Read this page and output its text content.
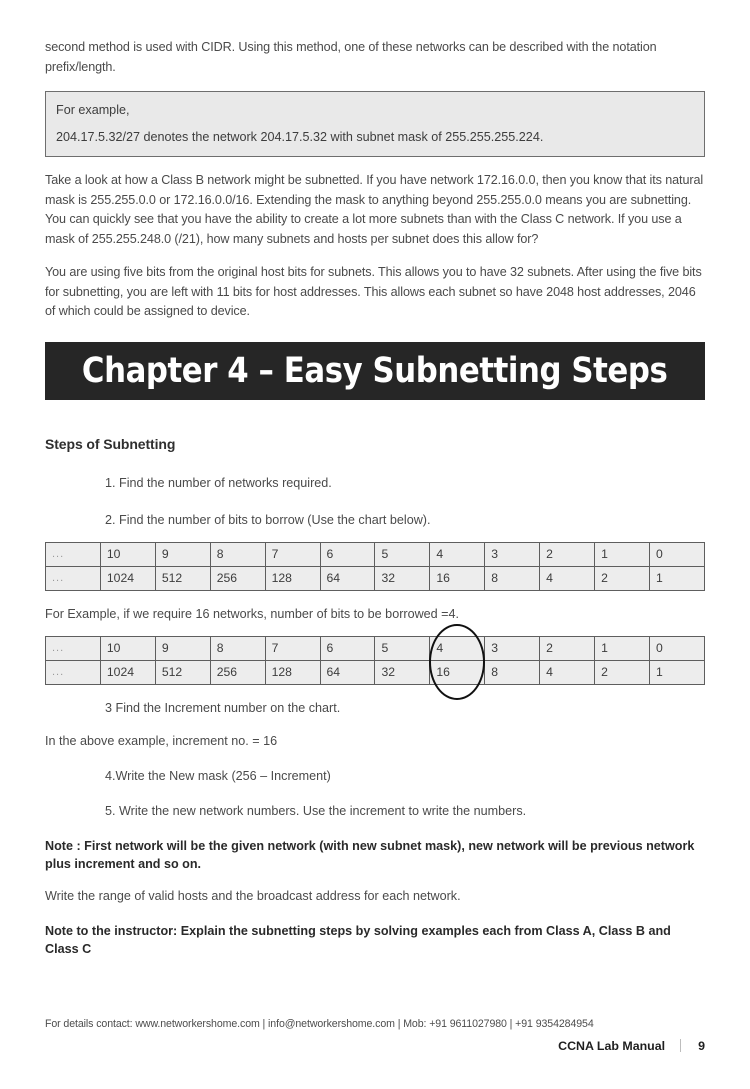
second method is used with CIDR. Using this method, one of these networks can be described with the notation prefix/length.

For example,
204.17.5.32/27 denotes the network 204.17.5.32 with subnet mask of 255.255.255.224.

Take a look at how a Class B network might be subnetted. If you have network 172.16.0.0, then you know that its natural mask is 255.255.0.0 or 172.16.0.0/16. Extending the mask to anything beyond 255.255.0.0 means you are subnetting. You can quickly see that you have the ability to create a lot more subnets than with the Class C network. If you use a mask of 255.255.248.0 (/21), how many subnets and hosts per subnet does this allow for?

You are using five bits from the original host bits for subnets. This allows you to have 32 subnets. After using the five bits for subnetting, you are left with 11 bits for host addresses. This allows each subnet so have 2048 host addresses, 2046 of which could be assigned to device.

Chapter 4 – Easy Subnetting Steps
Steps of Subnetting

1. Find the number of networks required.

2. Find the number of bits to borrow (Use the chart below).

...	10	9	8	7	6	5	4	3	2	1	0
...	1024	512	256	128	64	32	16	8	4	2	1

For Example, if we require 16 networks, number of bits to be borrowed =4.

...	10	9	8	7	6	5	4	3	2	1	0
...	1024	512	256	128	64	32	16	8	4	2	1

3 Find the Increment number on the chart.

In the above example, increment no. = 16

4.Write the New mask (256 – Increment)

5. Write the new network numbers. Use the increment to write the numbers.

Note : First network will be the given network (with new subnet mask), new network will be previous network plus increment and so on.

Write the range of valid hosts and the broadcast address for each network.

Note to the instructor: Explain the subnetting steps by solving examples each from Class A, Class B and Class C

For details contact: www.networkershome.com | info@networkershome.com | Mob: +91 9611027980 | +91 9354284954
CCNA Lab Manual	9
